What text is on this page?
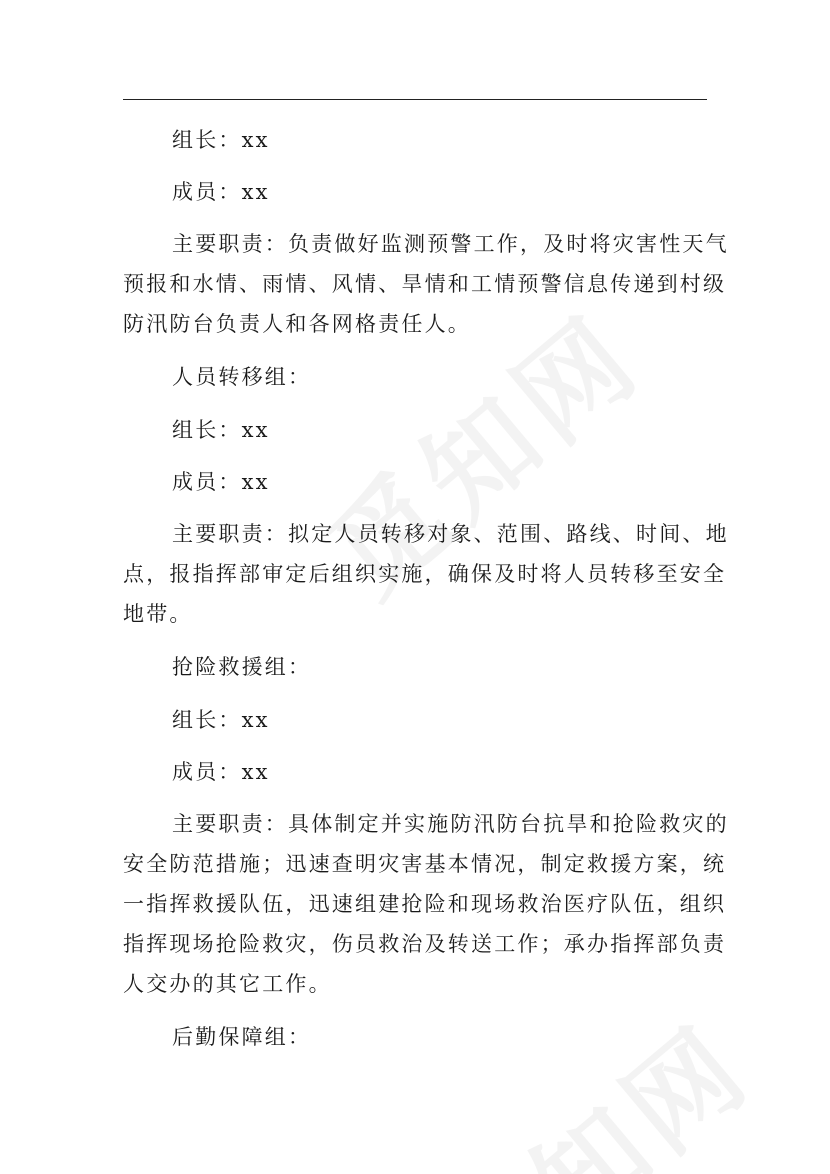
组长：xx
成员：xx
主要职责：负责做好监测预警工作，及时将灾害性天气
预报和水情、雨情、风情、旱情和工情预警信息传递到村级
防汛防台负责人和各网格责任人。
人员转移组：
组长：xx
成员：xx
主要职责：拟定人员转移对象、范围、路线、时间、地
点，报指挥部审定后组织实施，确保及时将人员转移至安全
地带。
抢险救援组：
组长：xx
成员：xx
主要职责：具体制定并实施防汛防台抗旱和抢险救灾的
安全防范措施；迅速查明灾害基本情况，制定救援方案，统
一指挥救援队伍，迅速组建抢险和现场救治医疗队伍，组织
指挥现场抢险救灾，伤员救治及转送工作；承办指挥部负责
人交办的其它工作。
后勤保障组：
